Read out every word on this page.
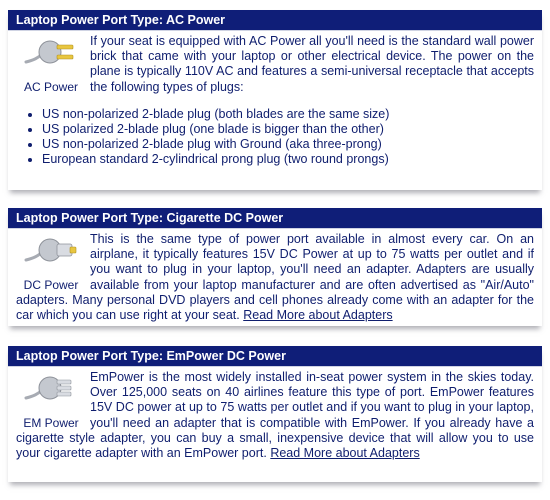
Laptop Power Port Type: AC Power
AC Power

If your seat is equipped with AC Power all you'll need is the standard wall power brick that came with your laptop or other electrical device. The power on the plane is typically 110V AC and features a semi-universal receptacle that accepts the following types of plugs:

• US non-polarized 2-blade plug (both blades are the same size)
• US polarized 2-blade plug (one blade is bigger than the other)
• US non-polarized 2-blade plug with Ground (aka three-prong)
• European standard 2-cylindrical prong plug (two round prongs)
Laptop Power Port Type: Cigarette DC Power
DC Power

This is the same type of power port available in almost every car. On an airplane, it typically features 15V DC Power at up to 75 watts per outlet and if you want to plug in your laptop, you'll need an adapter. Adapters are usually available from your laptop manufacturer and are often advertised as "Air/Auto" adapters. Many personal DVD players and cell phones already come with an adapter for the car which you can use right at your seat. Read More about Adapters

Laptop Power Port Type: EmPower DC Power
EM Power

EmPower is the most widely installed in-seat power system in the skies today. Over 125,000 seats on 40 airlines feature this type of port. EmPower features 15V DC power at up to 75 watts per outlet and if you want to plug in your laptop, you'll need an adapter that is compatible with EmPower. If you already have a cigarette style adapter, you can buy a small, inexpensive device that will allow you to use your cigarette adapter with an EmPower port. Read More about Adapters
